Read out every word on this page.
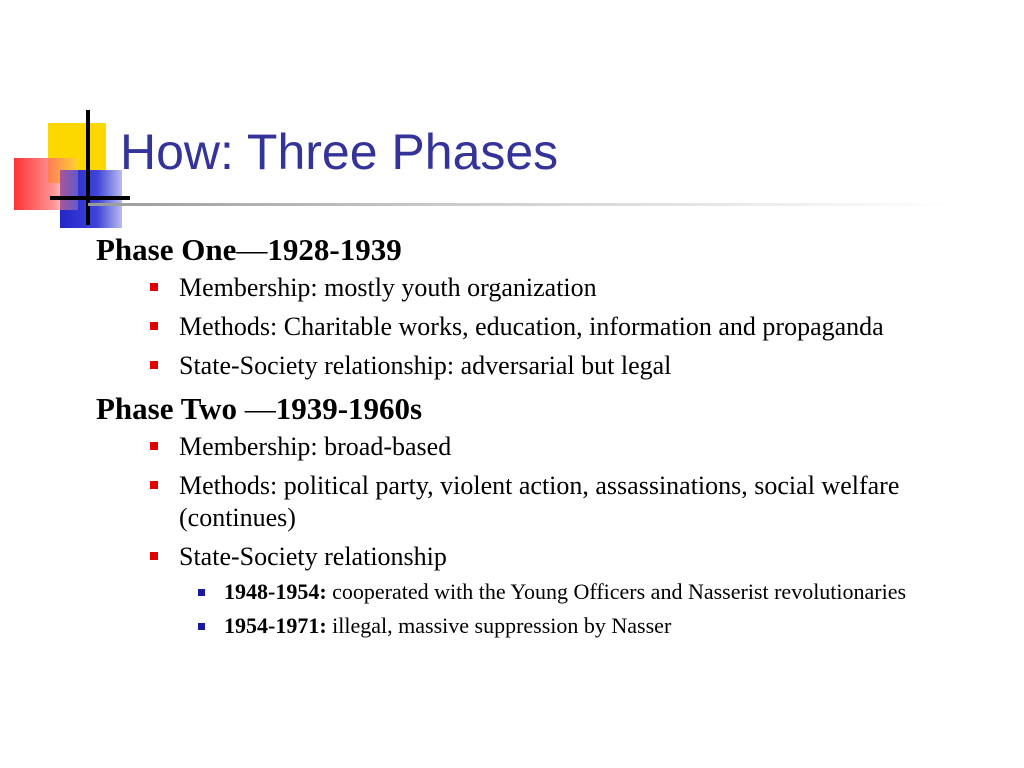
How: Three Phases

Phase One—1928-1939

Membership: mostly youth organization
Methods: Charitable works, education, information and propaganda
State-Society relationship: adversarial but legal

Phase Two —1939-1960s

Membership: broad-based
Methods: political party, violent action, assassinations, social welfare (continues)
State-Society relationship
1948-1954: cooperated with the Young Officers and Nasserist revolutionaries
1954-1971: illegal, massive suppression by Nasser
